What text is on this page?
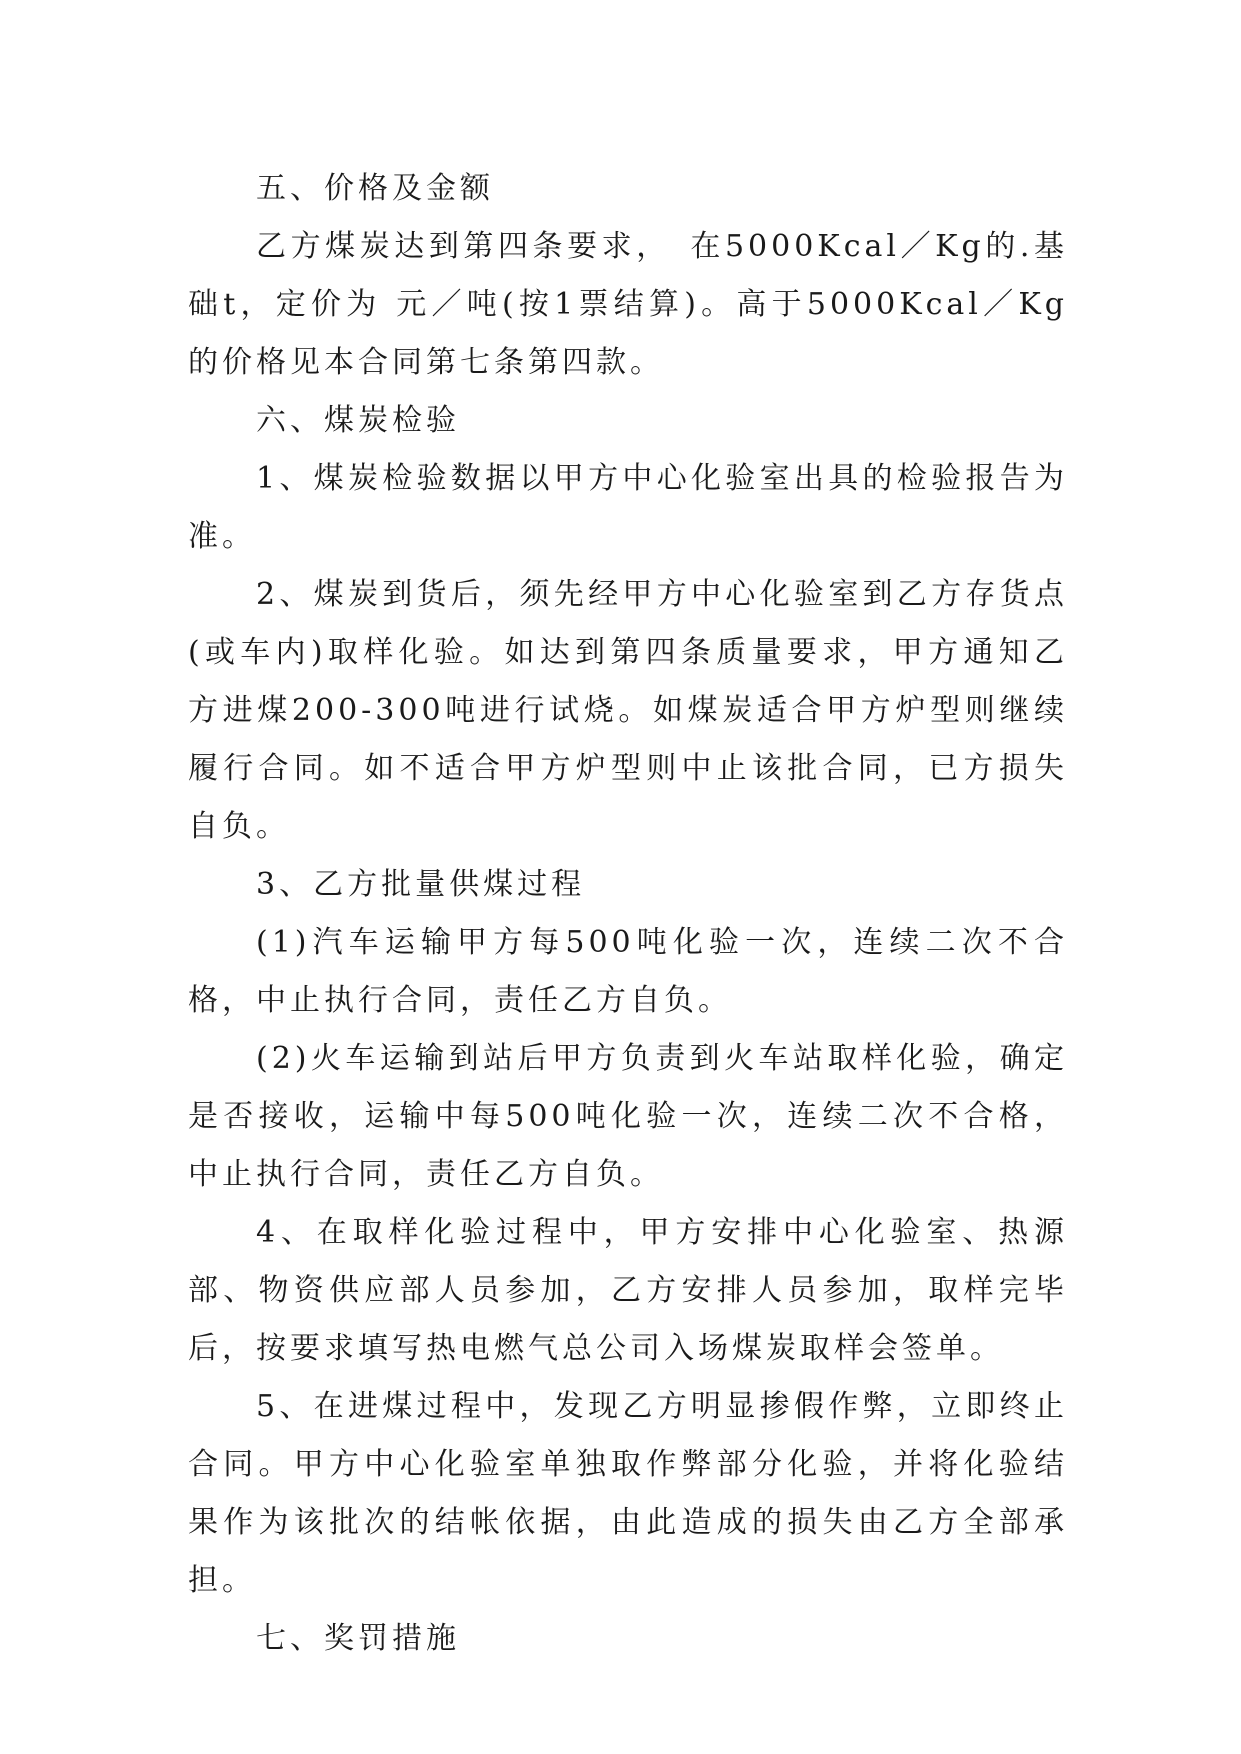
五、价格及金额

乙方煤炭达到第四条要求，　在5000Kcal／Kg的.基础t，定价为 元／吨(按1票结算)。高于5000Kcal／Kg的价格见本合同第七条第四款。

六、煤炭检验

1、煤炭检验数据以甲方中心化验室出具的检验报告为准。

2、煤炭到货后，须先经甲方中心化验室到乙方存货点(或车内)取样化验。如达到第四条质量要求，甲方通知乙方进煤200-300吨进行试烧。如煤炭适合甲方炉型则继续履行合同。如不适合甲方炉型则中止该批合同，已方损失自负。

3、乙方批量供煤过程

(1)汽车运输甲方每500吨化验一次，连续二次不合格，中止执行合同，责任乙方自负。

(2)火车运输到站后甲方负责到火车站取样化验，确定是否接收，运输中每500吨化验一次，连续二次不合格，中止执行合同，责任乙方自负。

4、在取样化验过程中，甲方安排中心化验室、热源部、物资供应部人员参加，乙方安排人员参加，取样完毕后，按要求填写热电燃气总公司入场煤炭取样会签单。

5、在进煤过程中，发现乙方明显掺假作弊，立即终止合同。甲方中心化验室单独取作弊部分化验，并将化验结果作为该批次的结帐依据，由此造成的损失由乙方全部承担。

七、奖罚措施
